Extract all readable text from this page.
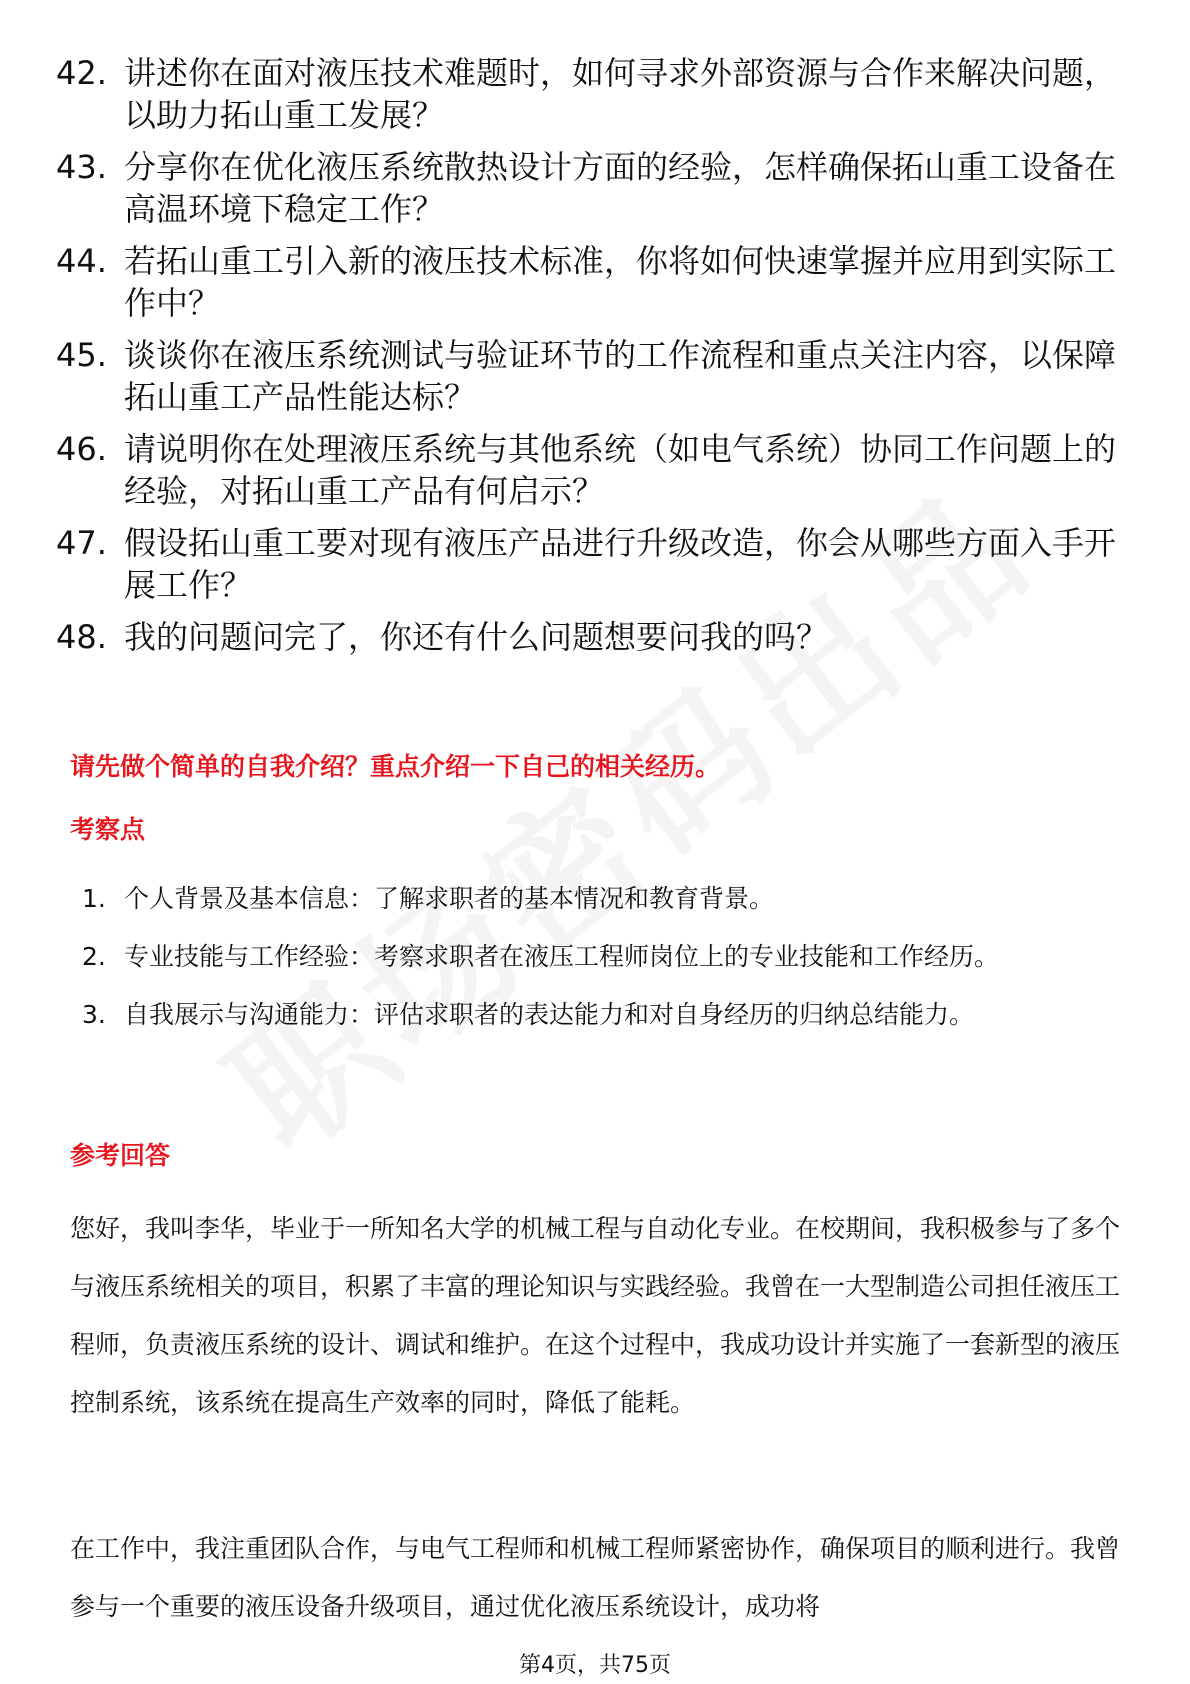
42. 讲述你在面对液压技术难题时，如何寻求外部资源与合作来解决问题，以助力拓山重工发展？
43. 分享你在优化液压系统散热设计方面的经验，怎样确保拓山重工设备在高温环境下稳定工作？
44. 若拓山重工引入新的液压技术标准，你将如何快速掌握并应用到实际工作中？
45. 谈谈你在液压系统测试与验证环节的工作流程和重点关注内容，以保障拓山重工产品性能达标？
46. 请说明你在处理液压系统与其他系统（如电气系统）协同工作问题上的经验，对拓山重工产品有何启示？
47. 假设拓山重工要对现有液压产品进行升级改造，你会从哪些方面入手开展工作？
48. 我的问题问完了，你还有什么问题想要问我的吗？
请先做个简单的自我介绍？重点介绍一下自己的相关经历。
考察点
1. 个人背景及基本信息：了解求职者的基本情况和教育背景。
2. 专业技能与工作经验：考察求职者在液压工程师岗位上的专业技能和工作经历。
3. 自我展示与沟通能力：评估求职者的表达能力和对自身经历的归纳总结能力。
参考回答

您好，我叫李华，毕业于一所知名大学的机械工程与自动化专业。在校期间，我积极参与了多个与液压系统相关的项目，积累了丰富的理论知识与实践经验。我曾在一大型制造公司担任液压工程师，负责液压系统的设计、调试和维护。在这个过程中，我成功设计并实施了一套新型的液压控制系统，该系统在提高生产效率的同时，降低了能耗。

在工作中，我注重团队合作，与电气工程师和机械工程师紧密协作，确保项目的顺利进行。我曾参与一个重要的液压设备升级项目，通过优化液压系统设计，成功将

第4页，共75页
